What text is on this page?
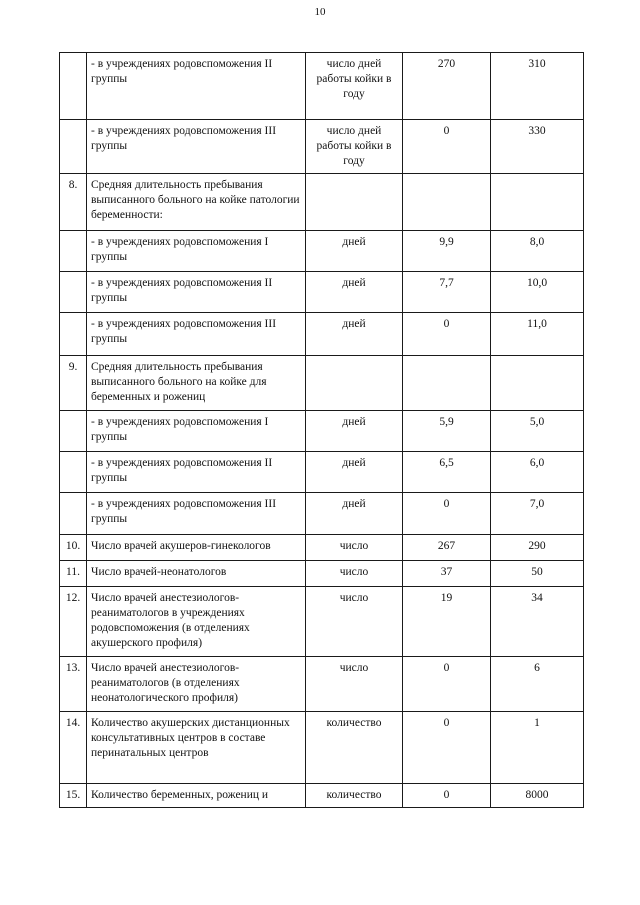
10
	- в учреждениях родовспоможения II группы	число дней работы койки в году	270	310
	- в учреждениях родовспоможения III группы	число дней работы койки в году	0	330
8.	Средняя длительность пребывания выписанного больного на койке патологии беременности:			
	- в учреждениях родовспоможения I группы	дней	9,9	8,0
	- в учреждениях родовспоможения II группы	дней	7,7	10,0
	- в учреждениях родовспоможения III группы	дней	0	11,0
9.	Средняя длительность пребывания выписанного больного на койке для беременных и рожениц			
	- в учреждениях родовспоможения I группы	дней	5,9	5,0
	- в учреждениях родовспоможения II группы	дней	6,5	6,0
	- в учреждениях родовспоможения III группы	дней	0	7,0
10.	Число врачей акушеров-гинекологов	число	267	290
11.	Число врачей-неонатологов	число	37	50
12.	Число врачей анестезиологов-реаниматологов в учреждениях родовспоможения (в отделениях акушерского профиля)	число	19	34
13.	Число врачей анестезиологов-реаниматологов (в отделениях неонатологического профиля)	число	0	6
14.	Количество акушерских дистанционных консультативных центров в составе перинатальных центров	количество	0	1
15.	Количество беременных, рожениц и	количество	0	8000
